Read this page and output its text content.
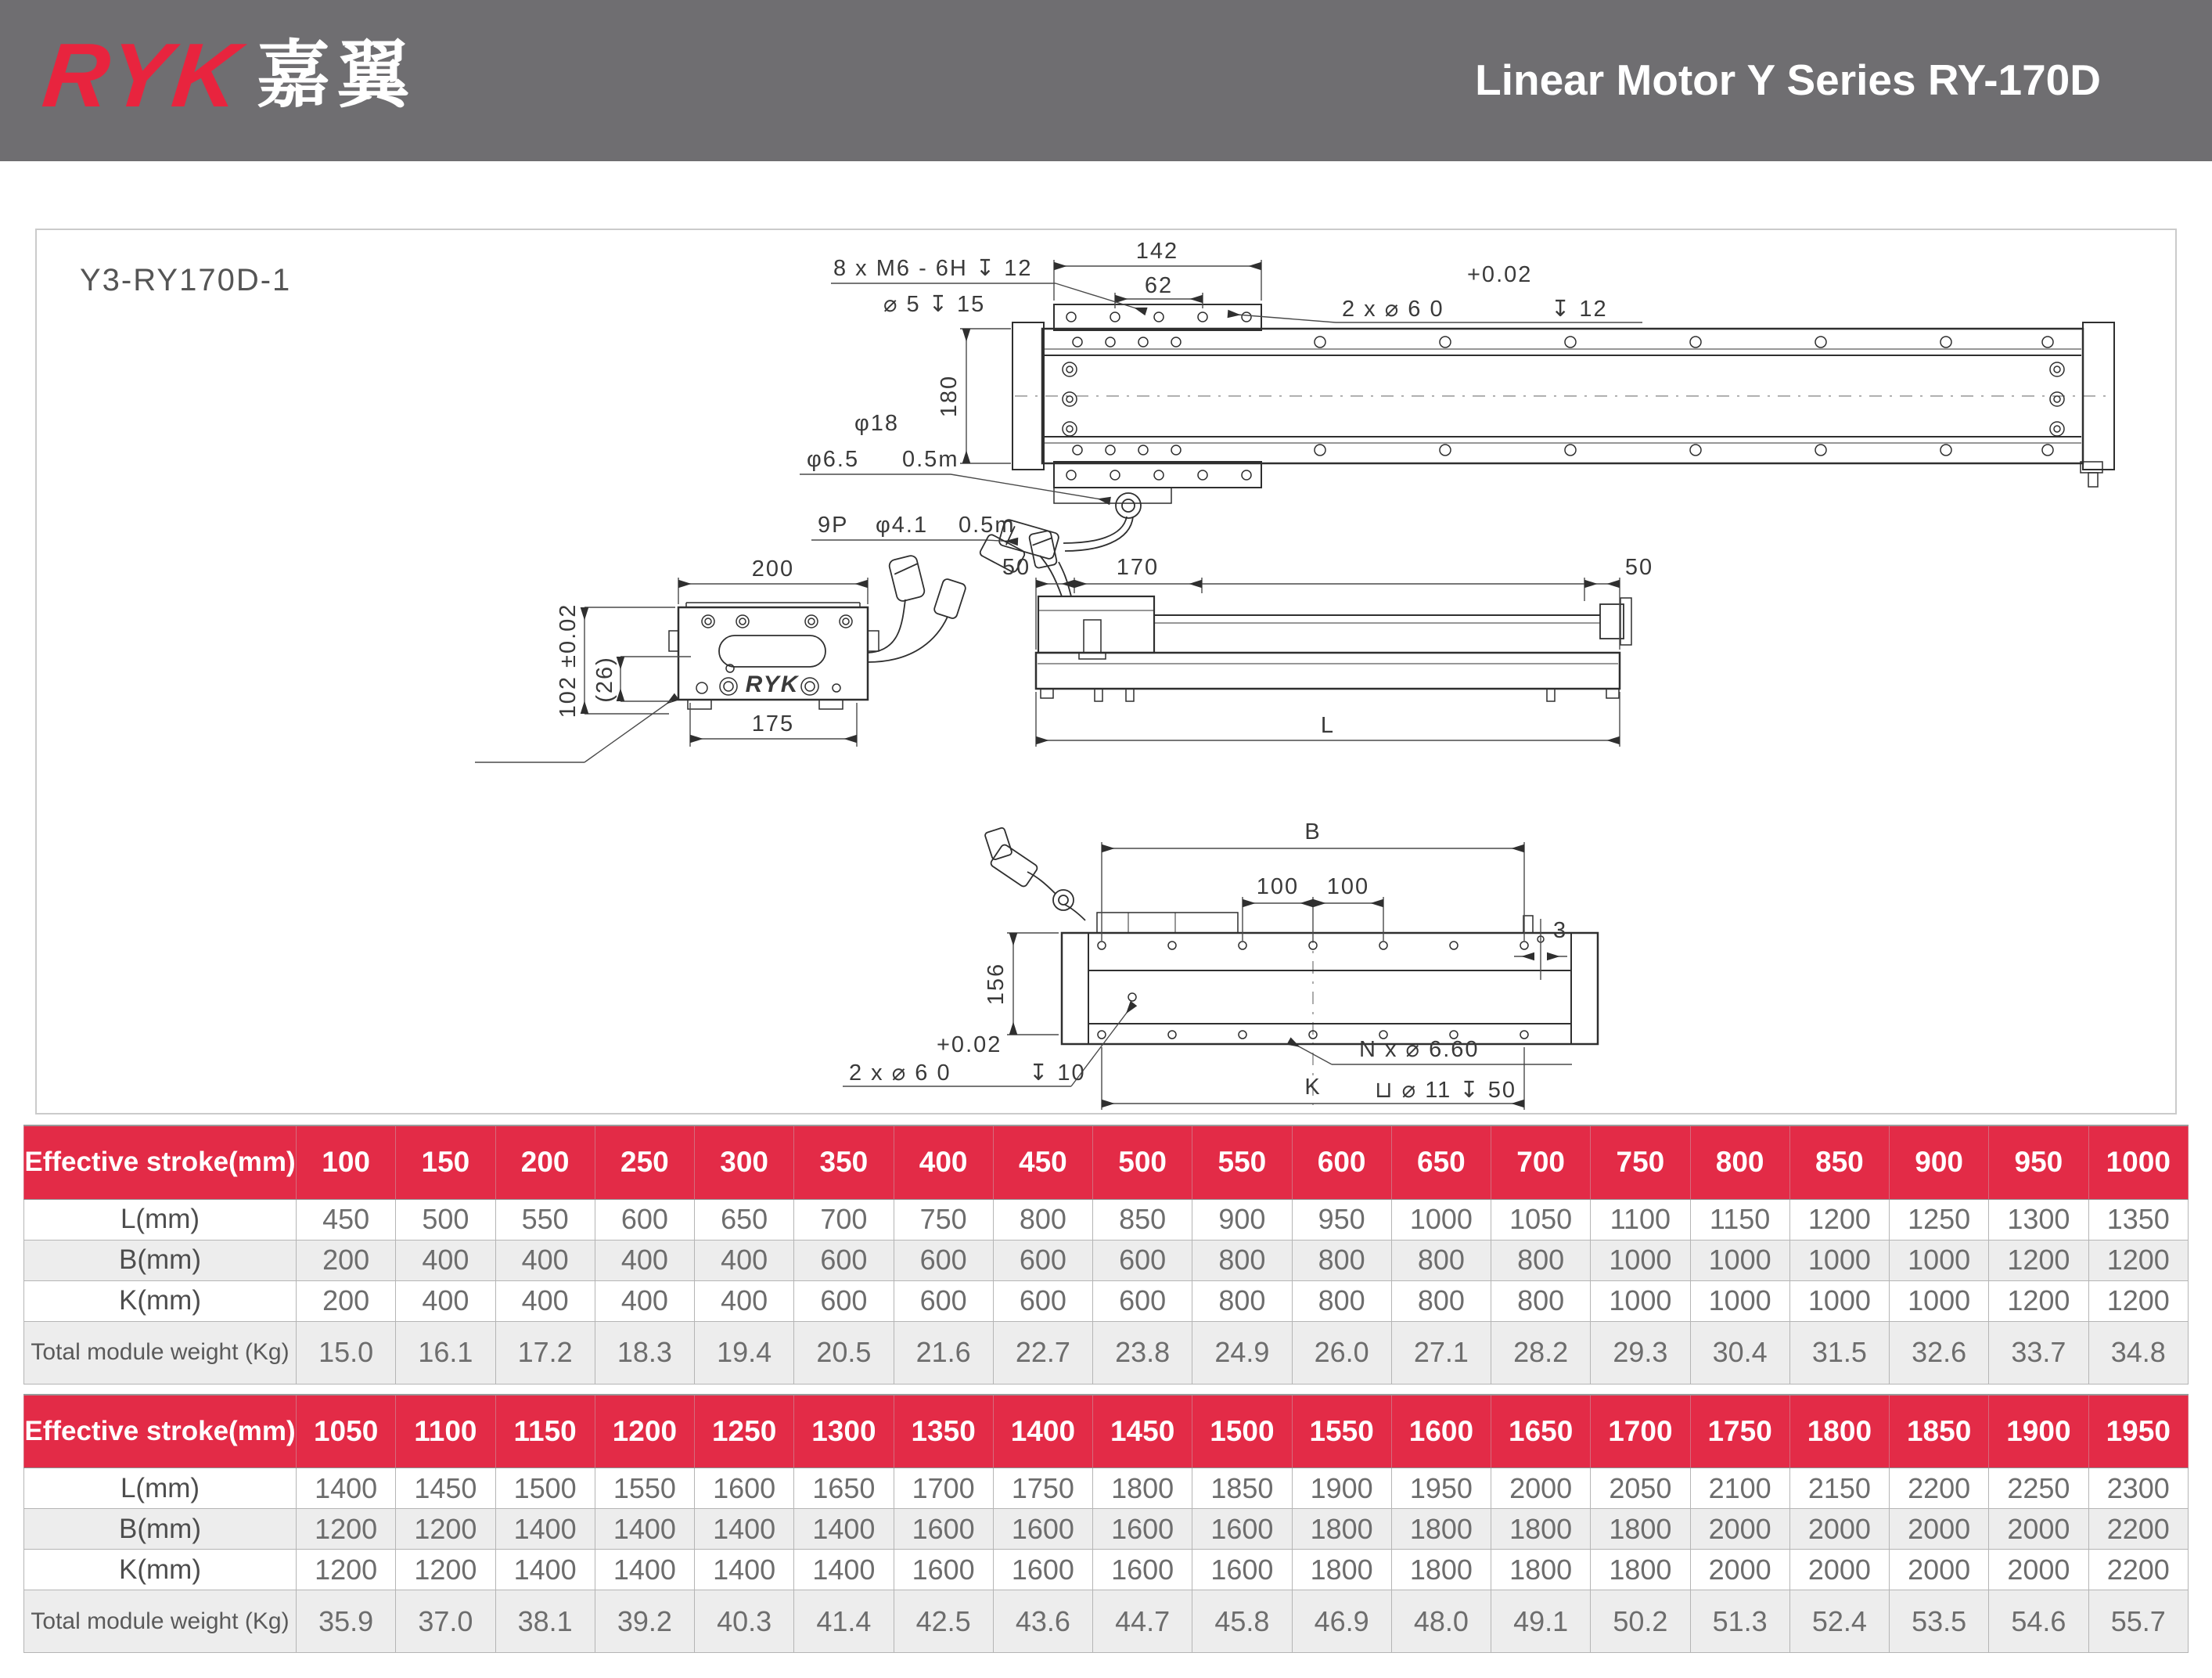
RYK 嘉翼	Linear Motor Y Series RY-170D
Y3-RY170D-1
142
62
8 x M6 - 6H ↧ 12
⌀ 5 ↧ 15
+0.02
2 x ⌀ 6 0	↧ 12
180
φ18
φ6.5 0.5m
9P φ4.1 0.5m
200
(26)
102 ±0.02
175
RYK
50	170	50
L
B
100 100
156
+0.02
2 x ⌀ 6 0	↧ 10
N x ⌀ 6.60
⊔ ⌀ 11 ↧ 50
K
3
Effective stroke(mm)	100	150	200	250	300	350	400	450	500	550	600	650	700	750	800	850	900	950	1000
L(mm)	450	500	550	600	650	700	750	800	850	900	950	1000	1050	1100	1150	1200	1250	1300	1350
B(mm)	200	400	400	400	400	600	600	600	600	800	800	800	800	1000	1000	1000	1000	1200	1200
K(mm)	200	400	400	400	400	600	600	600	600	800	800	800	800	1000	1000	1000	1000	1200	1200
Total module weight (Kg)	15.0	16.1	17.2	18.3	19.4	20.5	21.6	22.7	23.8	24.9	26.0	27.1	28.2	29.3	30.4	31.5	32.6	33.7	34.8
Effective stroke(mm)	1050	1100	1150	1200	1250	1300	1350	1400	1450	1500	1550	1600	1650	1700	1750	1800	1850	1900	1950
L(mm)	1400	1450	1500	1550	1600	1650	1700	1750	1800	1850	1900	1950	2000	2050	2100	2150	2200	2250	2300
B(mm)	1200	1200	1400	1400	1400	1400	1600	1600	1600	1600	1800	1800	1800	1800	2000	2000	2000	2000	2200
K(mm)	1200	1200	1400	1400	1400	1400	1600	1600	1600	1600	1800	1800	1800	1800	2000	2000	2000	2000	2200
Total module weight (Kg)	35.9	37.0	38.1	39.2	40.3	41.4	42.5	43.6	44.7	45.8	46.9	48.0	49.1	50.2	51.3	52.4	53.5	54.6	55.7
